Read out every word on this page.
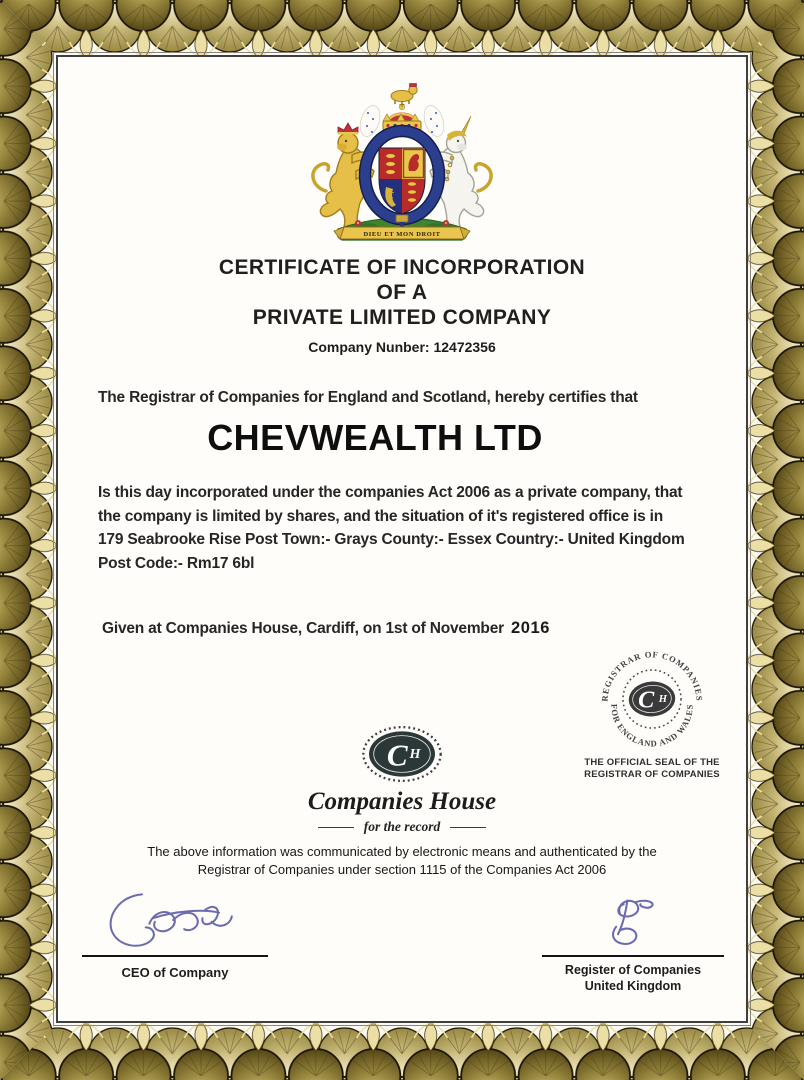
DIEU ET MON DROIT
CERTIFICATE OF INCORPORATION
OF A
PRIVATE LIMITED COMPANY
Company Nunber: 12472356
The Registrar of Companies for England and Scotland, hereby certifies that
CHEVWEALTH LTD
Is this day incorporated under the companies Act 2006 as a private company, that
the company is limited by shares, and the situation of it's registered office is in
179 Seabrooke Rise Post Town:- Grays County:- Essex Country:- United Kingdom
Post Code:- Rm17 6bl
Given at Companies House, Cardiff, on 1st of November 2016
REGISTRAR OF COMPANIES
FOR ENGLAND AND WALES
C H
THE OFFICIAL SEAL OF THE
REGISTRAR OF COMPANIES
C H
Companies House
for the record
The above information was communicated by electronic means and authenticated by the
Registrar of Companies under section 1115 of the Companies Act 2006
CEO of Company	Register of Companies
United Kingdom
